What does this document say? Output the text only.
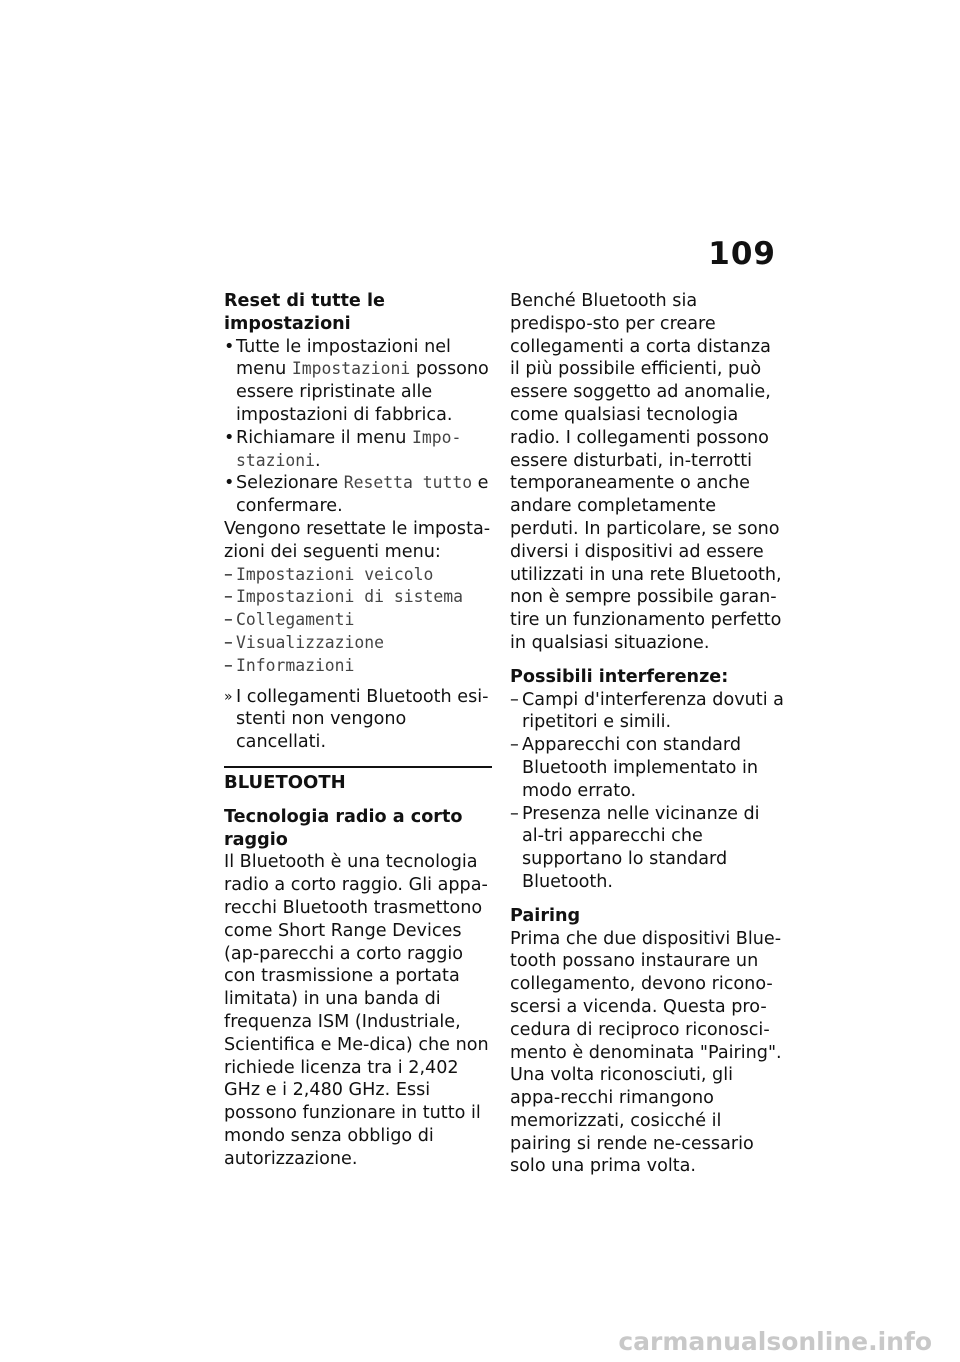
109
Reset di tutte le impostazioni
• Tutte le impostazioni nel menu Impostazioni possono essere ripristinate alle impostazioni di fabbrica.
• Richiamare il menu Impo-stazioni.
• Selezionare Resetta tutto e confermare.

Vengono resettate le imposta-zioni dei seguenti menu:

– Impostazioni veicolo
– Impostazioni di sistema
– Collegamenti
– Visualizzazione
– Informazioni
» I collegamenti Bluetooth esi-stenti non vengono cancellati.
BLUETOOTH
Tecnologia radio a corto raggio

Il Bluetooth è una tecnologia radio a corto raggio. Gli appa-recchi Bluetooth trasmettono come Short Range Devices (ap-parecchi a corto raggio con trasmissione a portata limitata) in una banda di frequenza ISM (Industriale, Scientifica e Me-dica) che non richiede licenza tra i 2,402 GHz e i 2,480 GHz. Essi possono funzionare in tutto il mondo senza obbligo di autorizzazione.

Benché Bluetooth sia predispo-sto per creare collegamenti a corta distanza il più possibile efficienti, può essere soggetto ad anomalie, come qualsiasi tecnologia radio. I collegamenti possono essere disturbati, in-terrotti temporaneamente o anche andare completamente perduti. In particolare, se sono diversi i dispositivi ad essere utilizzati in una rete Bluetooth, non è sempre possibile garan-tire un funzionamento perfetto in qualsiasi situazione.

Possibili interferenze:
– Campi d'interferenza dovuti a ripetitori e simili.
– Apparecchi con standard Bluetooth implementato in modo errato.
– Presenza nelle vicinanze di al-tri apparecchi che supportano lo standard Bluetooth.
Pairing

Prima che due dispositivi Blue-tooth possano instaurare un collegamento, devono ricono-scersi a vicenda. Questa pro-cedura di reciproco riconosci-mento è denominata "Pairing". Una volta riconosciuti, gli appa-recchi rimangono memorizzati, cosicché il pairing si rende ne-cessario solo una prima volta.

carmanualsonline.info
